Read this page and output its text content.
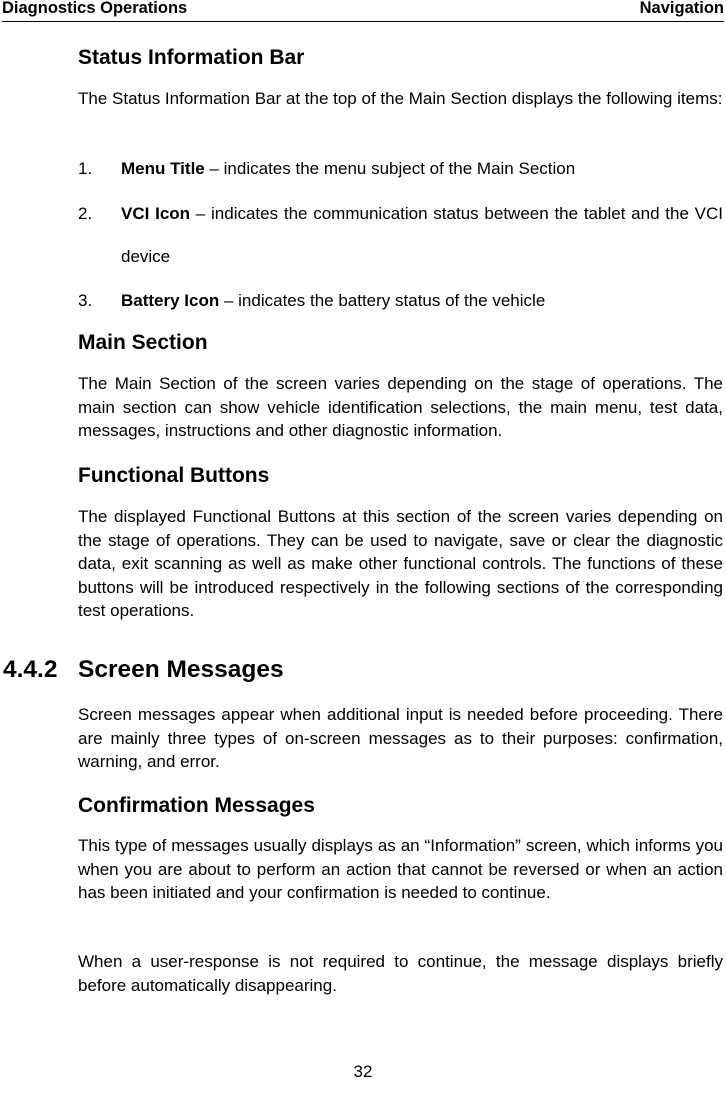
Diagnostics Operations	Navigation
Status Information Bar

The Status Information Bar at the top of the Main Section displays the following items:

1. Menu Title – indicates the menu subject of the Main Section
2. VCI Icon – indicates the communication status between the tablet and the VCI device
3. Battery Icon – indicates the battery status of the vehicle
Main Section

The Main Section of the screen varies depending on the stage of operations. The main section can show vehicle identification selections, the main menu, test data, messages, instructions and other diagnostic information.

Functional Buttons

The displayed Functional Buttons at this section of the screen varies depending on the stage of operations. They can be used to navigate, save or clear the diagnostic data, exit scanning as well as make other functional controls. The functions of these buttons will be introduced respectively in the following sections of the corresponding test operations.

Screen messages appear when additional input is needed before proceeding. There are mainly three types of on-screen messages as to their purposes: confirmation, warning, and error.

Confirmation Messages

This type of messages usually displays as an “Information” screen, which informs you when you are about to perform an action that cannot be reversed or when an action has been initiated and your confirmation is needed to continue.

When a user-response is not required to continue, the message displays briefly before automatically disappearing.

4.4.2 Screen Messages
32
